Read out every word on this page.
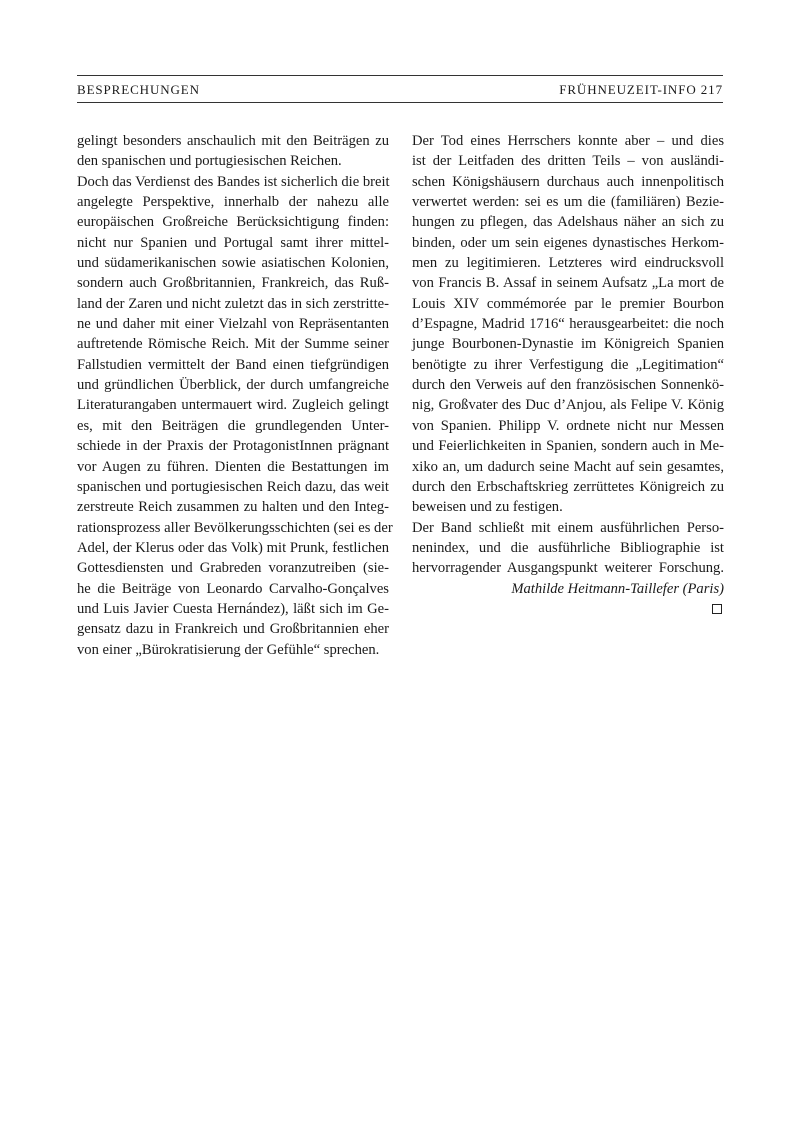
BESPRECHUNGEN	FRÜHNEUZEIT-INFO 217
gelingt besonders anschaulich mit den Beiträgen zu
den spanischen und portugiesischen Reichen.
Doch das Verdienst des Bandes ist sicherlich die breit
angelegte Perspektive, innerhalb der nahezu alle
europäischen Großreiche Berücksichtigung finden:
nicht nur Spanien und Portugal samt ihrer mittel-
und südamerikanischen sowie asiatischen Kolonien,
sondern auch Großbritannien, Frankreich, das Ruß-
land der Zaren und nicht zuletzt das in sich zerstritte-
ne und daher mit einer Vielzahl von Repräsentanten
auftretende Römische Reich. Mit der Summe seiner
Fallstudien vermittelt der Band einen tiefgründigen
und gründlichen Überblick, der durch umfangreiche
Literaturangaben untermauert wird. Zugleich gelingt
es, mit den Beiträgen die grundlegenden Unter-
schiede in der Praxis der ProtagonistInnen prägnant
vor Augen zu führen. Dienten die Bestattungen im
spanischen und portugiesischen Reich dazu, das weit
zerstreute Reich zusammen zu halten und den Integ-
rationsprozess aller Bevölkerungsschichten (sei es der
Adel, der Klerus oder das Volk) mit Prunk, festlichen
Gottesdiensten und Grabreden voranzutreiben (sie-
he die Beiträge von Leonardo Carvalho-Gonçalves
und Luis Javier Cuesta Hernández), läßt sich im Ge-
gensatz dazu in Frankreich und Großbritannien eher
von einer „Bürokratisierung der Gefühle“ sprechen.
Der Tod eines Herrschers konnte aber – und dies
ist der Leitfaden des dritten Teils – von ausländi-
schen Königshäusern durchaus auch innenpolitisch
verwertet werden: sei es um die (familiären) Bezie-
hungen zu pflegen, das Adelshaus näher an sich zu
binden, oder um sein eigenes dynastisches Herkom-
men zu legitimieren. Letzteres wird eindrucksvoll
von Francis B. Assaf in seinem Aufsatz „La mort de
Louis XIV commémorée par le premier Bourbon
d’Espagne, Madrid 1716“ herausgearbeitet: die noch
junge Bourbonen-Dynastie im Königreich Spanien
benötigte zu ihrer Verfestigung die „Legitimation“
durch den Verweis auf den französischen Sonnenkö-
nig, Großvater des Duc d’Anjou, als Felipe V. König
von Spanien. Philipp V. ordnete nicht nur Messen
und Feierlichkeiten in Spanien, sondern auch in Me-
xiko an, um dadurch seine Macht auf sein gesamtes,
durch den Erbschaftskrieg zerrüttetes Königreich zu
beweisen und zu festigen.
Der Band schließt mit einem ausführlichen Perso-
nenindex, und die ausführliche Bibliographie ist
hervorragender Ausgangspunkt weiterer Forschung.
Mathilde Heitmann-Taillefer (Paris)
